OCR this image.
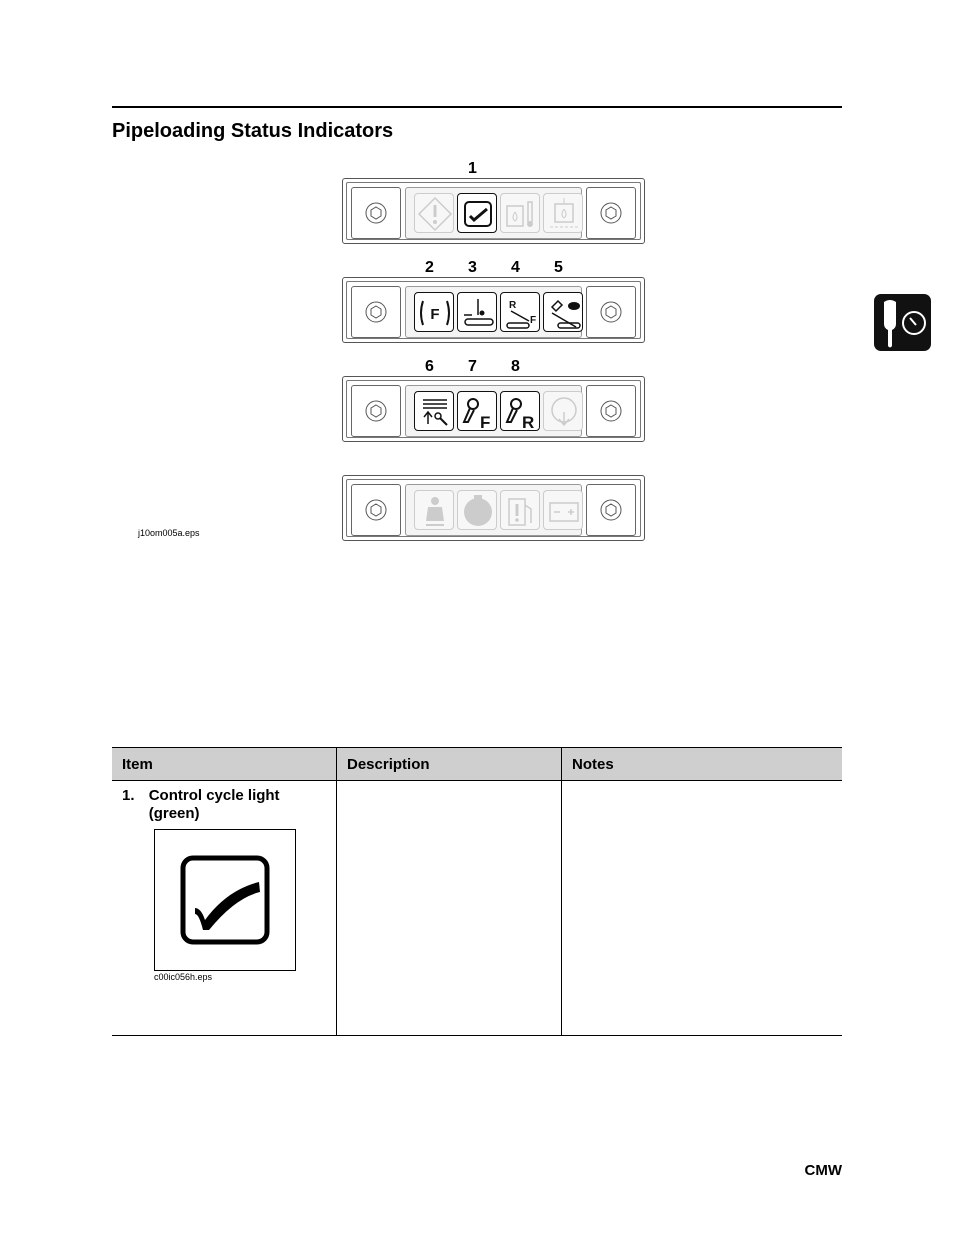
Pipeloading Status Indicators
1
2 3 4 5
F
R
F
6 7 8
F R
j10om005a.eps
Item	Description	Notes

1. Control cycle light (green)
c00ic056h.eps		

CMW
